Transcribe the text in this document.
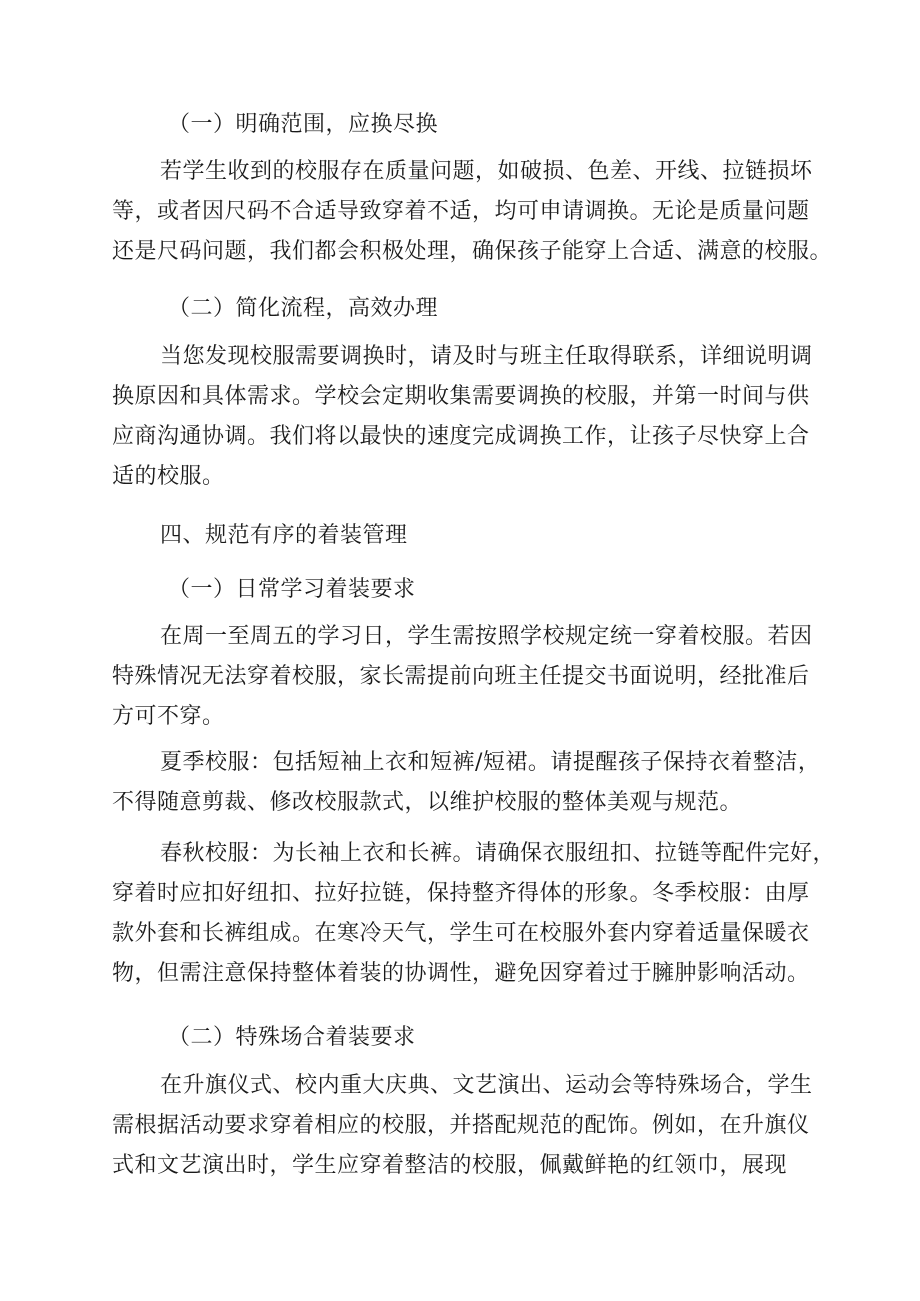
（一）明确范围，应换尽换
若学生收到的校服存在质量问题，如破损、色差、开线、拉链损坏
等，或者因尺码不合适导致穿着不适，均可申请调换。无论是质量问题
还是尺码问题，我们都会积极处理，确保孩子能穿上合适、满意的校服。
（二）简化流程，高效办理
当您发现校服需要调换时，请及时与班主任取得联系，详细说明调
换原因和具体需求。学校会定期收集需要调换的校服，并第一时间与供
应商沟通协调。我们将以最快的速度完成调换工作，让孩子尽快穿上合
适的校服。
四、规范有序的着装管理
（一）日常学习着装要求
在周一至周五的学习日，学生需按照学校规定统一穿着校服。若因
特殊情况无法穿着校服，家长需提前向班主任提交书面说明，经批准后
方可不穿。
夏季校服：包括短袖上衣和短裤/短裙。请提醒孩子保持衣着整洁，
不得随意剪裁、修改校服款式，以维护校服的整体美观与规范。
春秋校服：为长袖上衣和长裤。请确保衣服纽扣、拉链等配件完好，
穿着时应扣好纽扣、拉好拉链，保持整齐得体的形象。冬季校服：由厚
款外套和长裤组成。在寒冷天气，学生可在校服外套内穿着适量保暖衣
物，但需注意保持整体着装的协调性，避免因穿着过于臃肿影响活动。
（二）特殊场合着装要求
在升旗仪式、校内重大庆典、文艺演出、运动会等特殊场合，学生
需根据活动要求穿着相应的校服，并搭配规范的配饰。例如，在升旗仪
式和文艺演出时，学生应穿着整洁的校服，佩戴鲜艳的红领巾，展现
